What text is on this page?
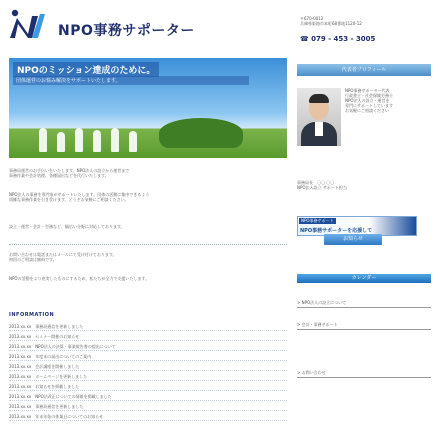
NPO事務サポーター
〒670-0012
兵庫県姫路市本町68番地1120-12
☎ 079 - 453 - 3005
NPOのミッション達成のために。
団体運営のお悩み解決をサポートいたします。
事務局運営のお手伝いをいたします。NPO法人の設立から運営まで
事務作業や会計処理、各種届出などを代行いたします。
NPO法人の事務を専門家がサポートいたします。団体の活動に集中できるよう
煩雑な事務作業を引き受けます。どうぞお気軽にご相談ください。
設立・運営・会計・労務など、幅広い分野に対応しております。
お問い合わせは電話またはメールにて受け付けております。
初回のご相談は無料です。
NPOの活動をより充実したものにするため、私たちが全力で支援いたします。
INFORMATION
2013.xx.xx　事務局通信を更新しました
2013.xx.xx　セミナー開催のお知らせ
2013.xx.xx　NPO法人の決算・事業報告書の提出について
2013.xx.xx　年度末の届出についてのご案内
2013.xx.xx　会計講座を開催しました
2013.xx.xx　ホームページを更新しました
2013.xx.xx　お知らせを掲載しました
2013.xx.xx　NPO法改正についての情報を掲載しました
2013.xx.xx　事務局通信を更新しました
2013.xx.xx　年末年始の休業日についてのお知らせ
代表者プロフィール
NPO事務サポーター代表
行政書士・社会保険労務士
NPO法人の設立・運営を
専門にサポートしています
お気軽にご相談ください
事務局長　〇〇 〇〇
NPO法人設立 サポート担当
NPO事務サポート
NPO事務サポーターを応援して
お知らせ
カレンダー
> NPO法人の設立について
> 会計・事務サポート
> お問い合わせ
